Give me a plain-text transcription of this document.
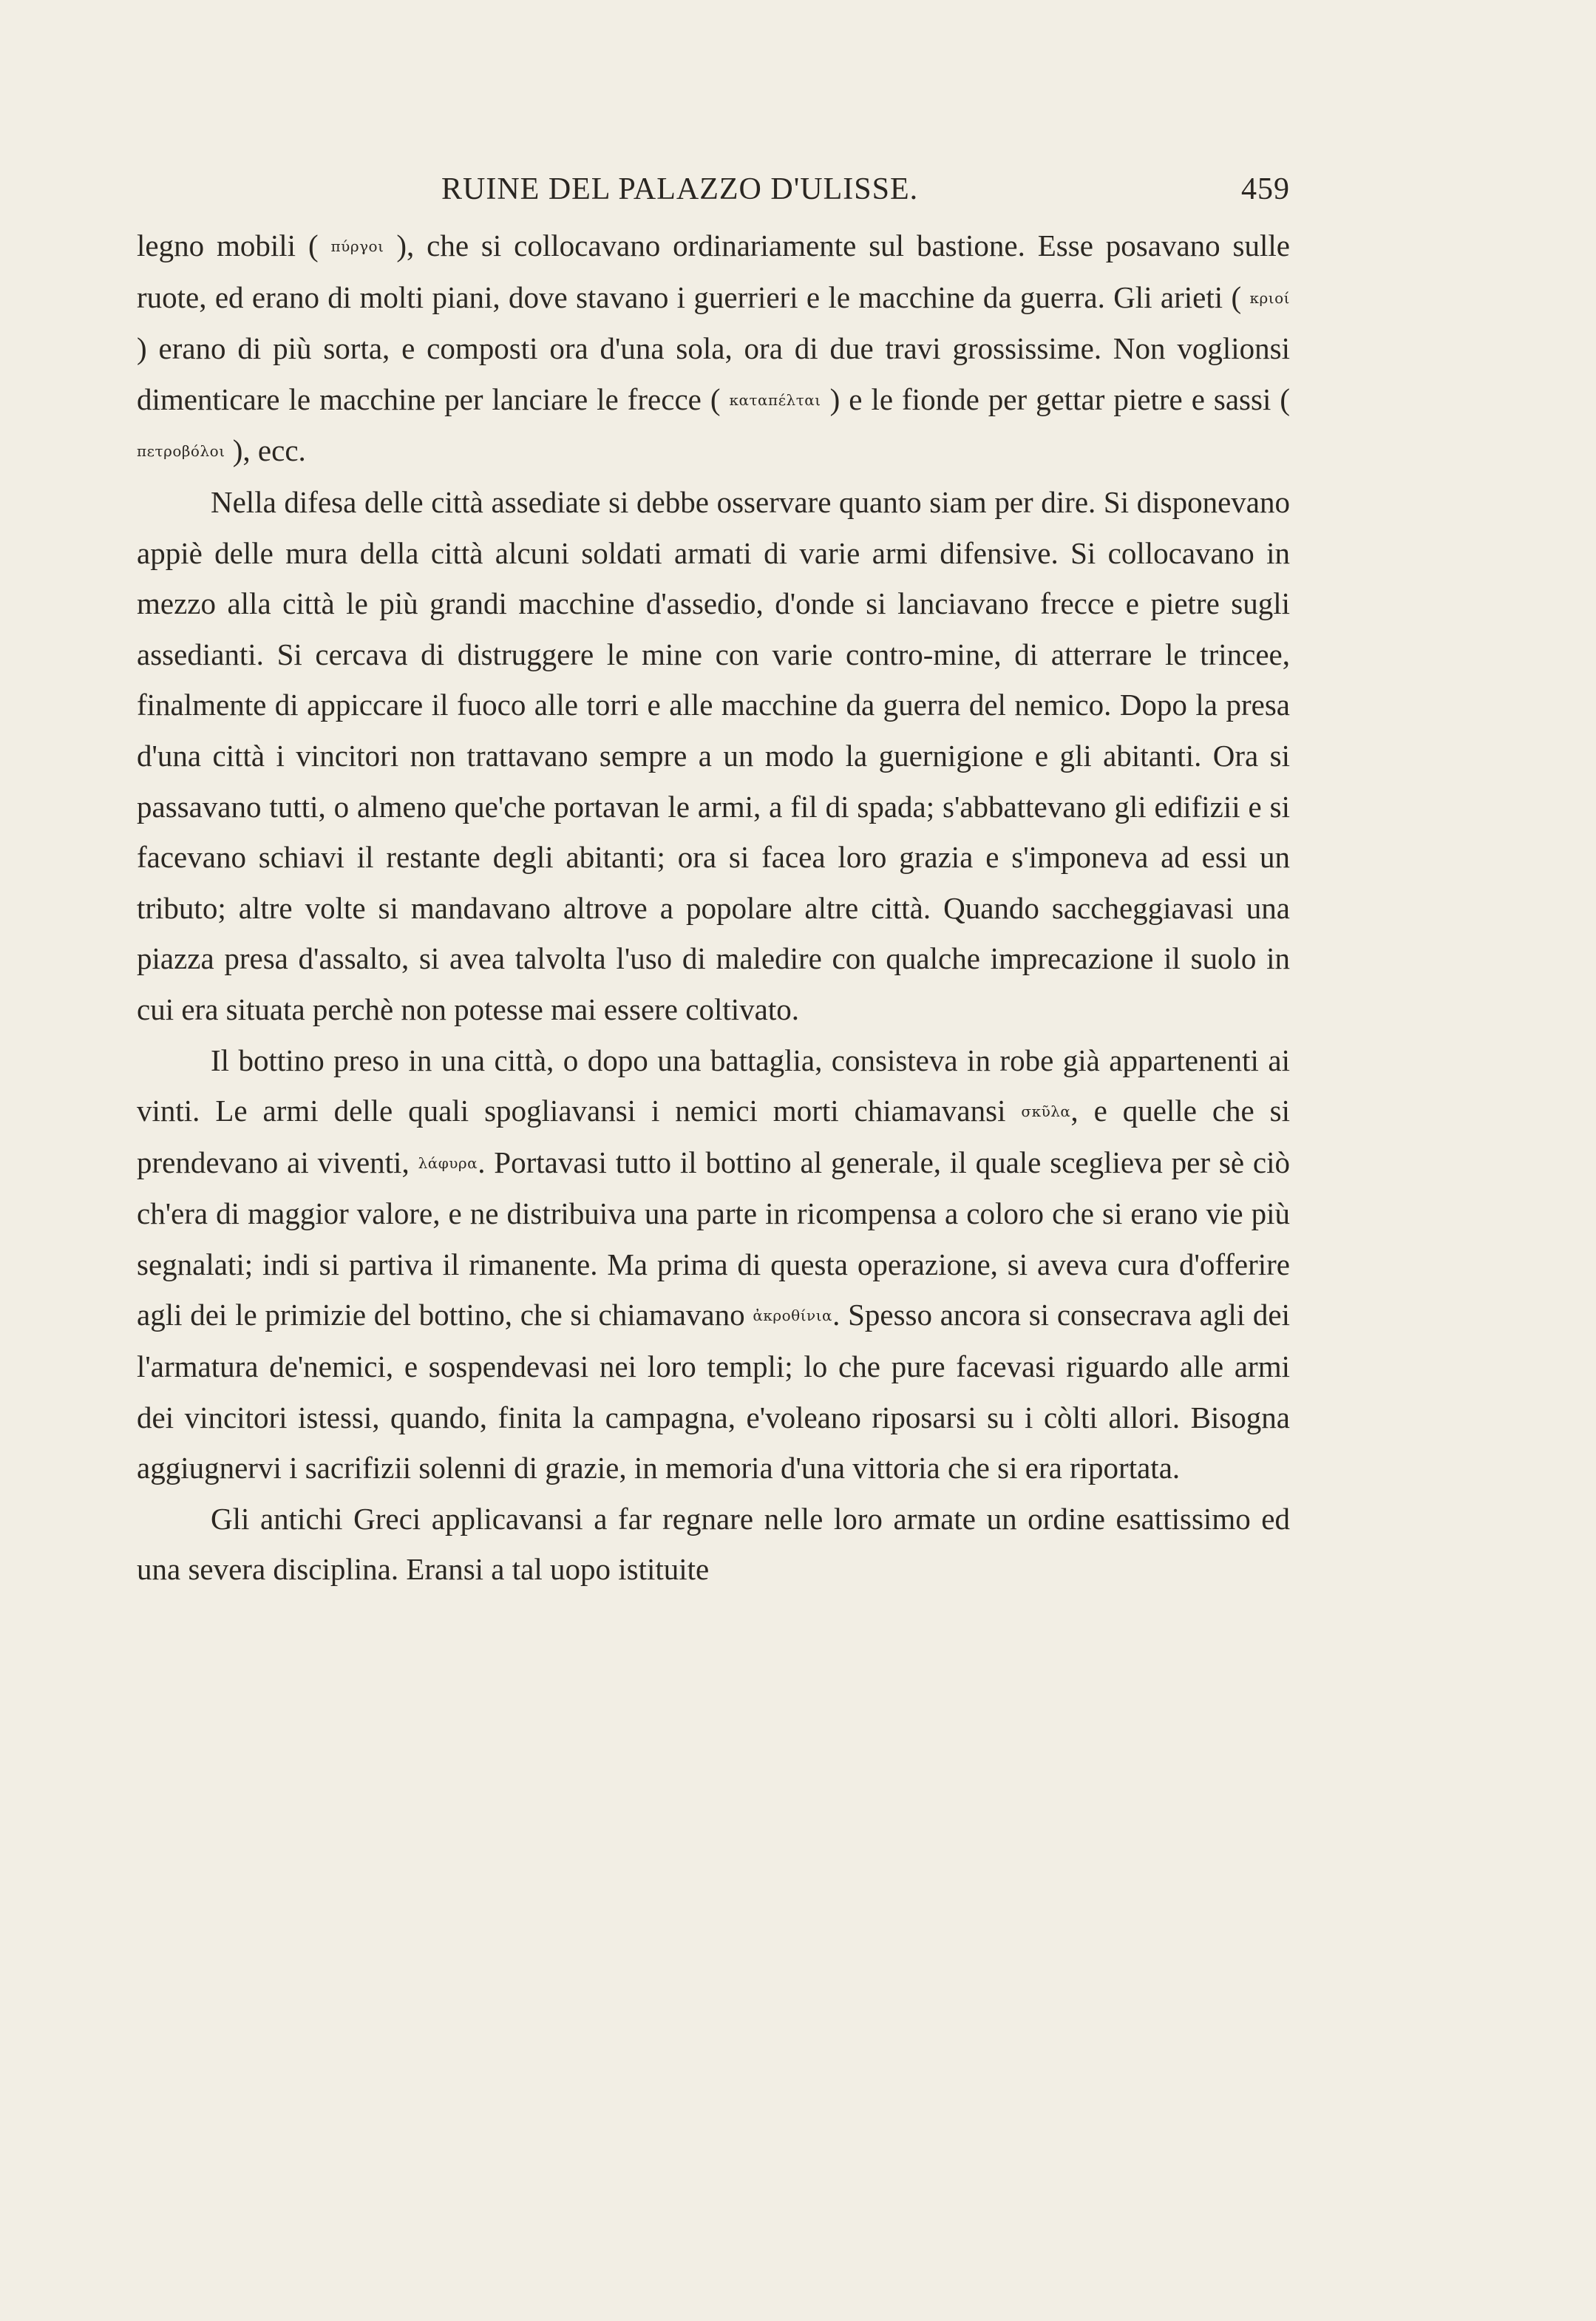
RUINE DEL PALAZZO D'ULISSE.	459

legno mobili ( πύργοι ), che si collocavano ordinariamente sul bastione. Esse posavano sulle ruote, ed erano di molti piani, dove stavano i guerrieri e le macchine da guerra. Gli arieti ( κριοί ) erano di più sorta, e composti ora d'una sola, ora di due travi grossissime. Non voglionsi dimenticare le macchine per lanciare le frecce ( καταπέλται ) e le fionde per gettar pietre e sassi ( πετροβόλοι ), ecc.

Nella difesa delle città assediate si debbe osservare quanto siam per dire. Si disponevano appiè delle mura della città alcuni soldati armati di varie armi difensive. Si collocavano in mezzo alla città le più grandi macchine d'assedio, d'onde si lanciavano frecce e pietre sugli assedianti. Si cercava di distruggere le mine con varie contro-mine, di atterrare le trincee, finalmente di appiccare il fuoco alle torri e alle macchine da guerra del nemico. Dopo la presa d'una città i vincitori non trattavano sempre a un modo la guernigione e gli abitanti. Ora si passavano tutti, o almeno que'che portavan le armi, a fil di spada; s'abbattevano gli edifizii e si facevano schiavi il restante degli abitanti; ora si facea loro grazia e s'imponeva ad essi un tributo; altre volte si mandavano altrove a popolare altre città. Quando saccheggiavasi una piazza presa d'assalto, si avea talvolta l'uso di maledire con qualche imprecazione il suolo in cui era situata perchè non potesse mai essere coltivato.

Il bottino preso in una città, o dopo una battaglia, consisteva in robe già appartenenti ai vinti. Le armi delle quali spogliavansi i nemici morti chiamavansi σκῦλα, e quelle che si prendevano ai viventi, λάφυρα. Portavasi tutto il bottino al generale, il quale sceglieva per sè ciò ch'era di maggior valore, e ne distribuiva una parte in ricompensa a coloro che si erano vie più segnalati; indi si partiva il rimanente. Ma prima di questa operazione, si aveva cura d'offerire agli dei le primizie del bottino, che si chiamavano ἀκροθίνια. Spesso ancora si consecrava agli dei l'armatura de'nemici, e sospendevasi nei loro templi; lo che pure facevasi riguardo alle armi dei vincitori istessi, quando, finita la campagna, e'voleano riposarsi su i còlti allori. Bisogna aggiugnervi i sacrifizii solenni di grazie, in memoria d'una vittoria che si era riportata.

Gli antichi Greci applicavansi a far regnare nelle loro armate un ordine esattissimo ed una severa disciplina. Eransi a tal uopo istituite
